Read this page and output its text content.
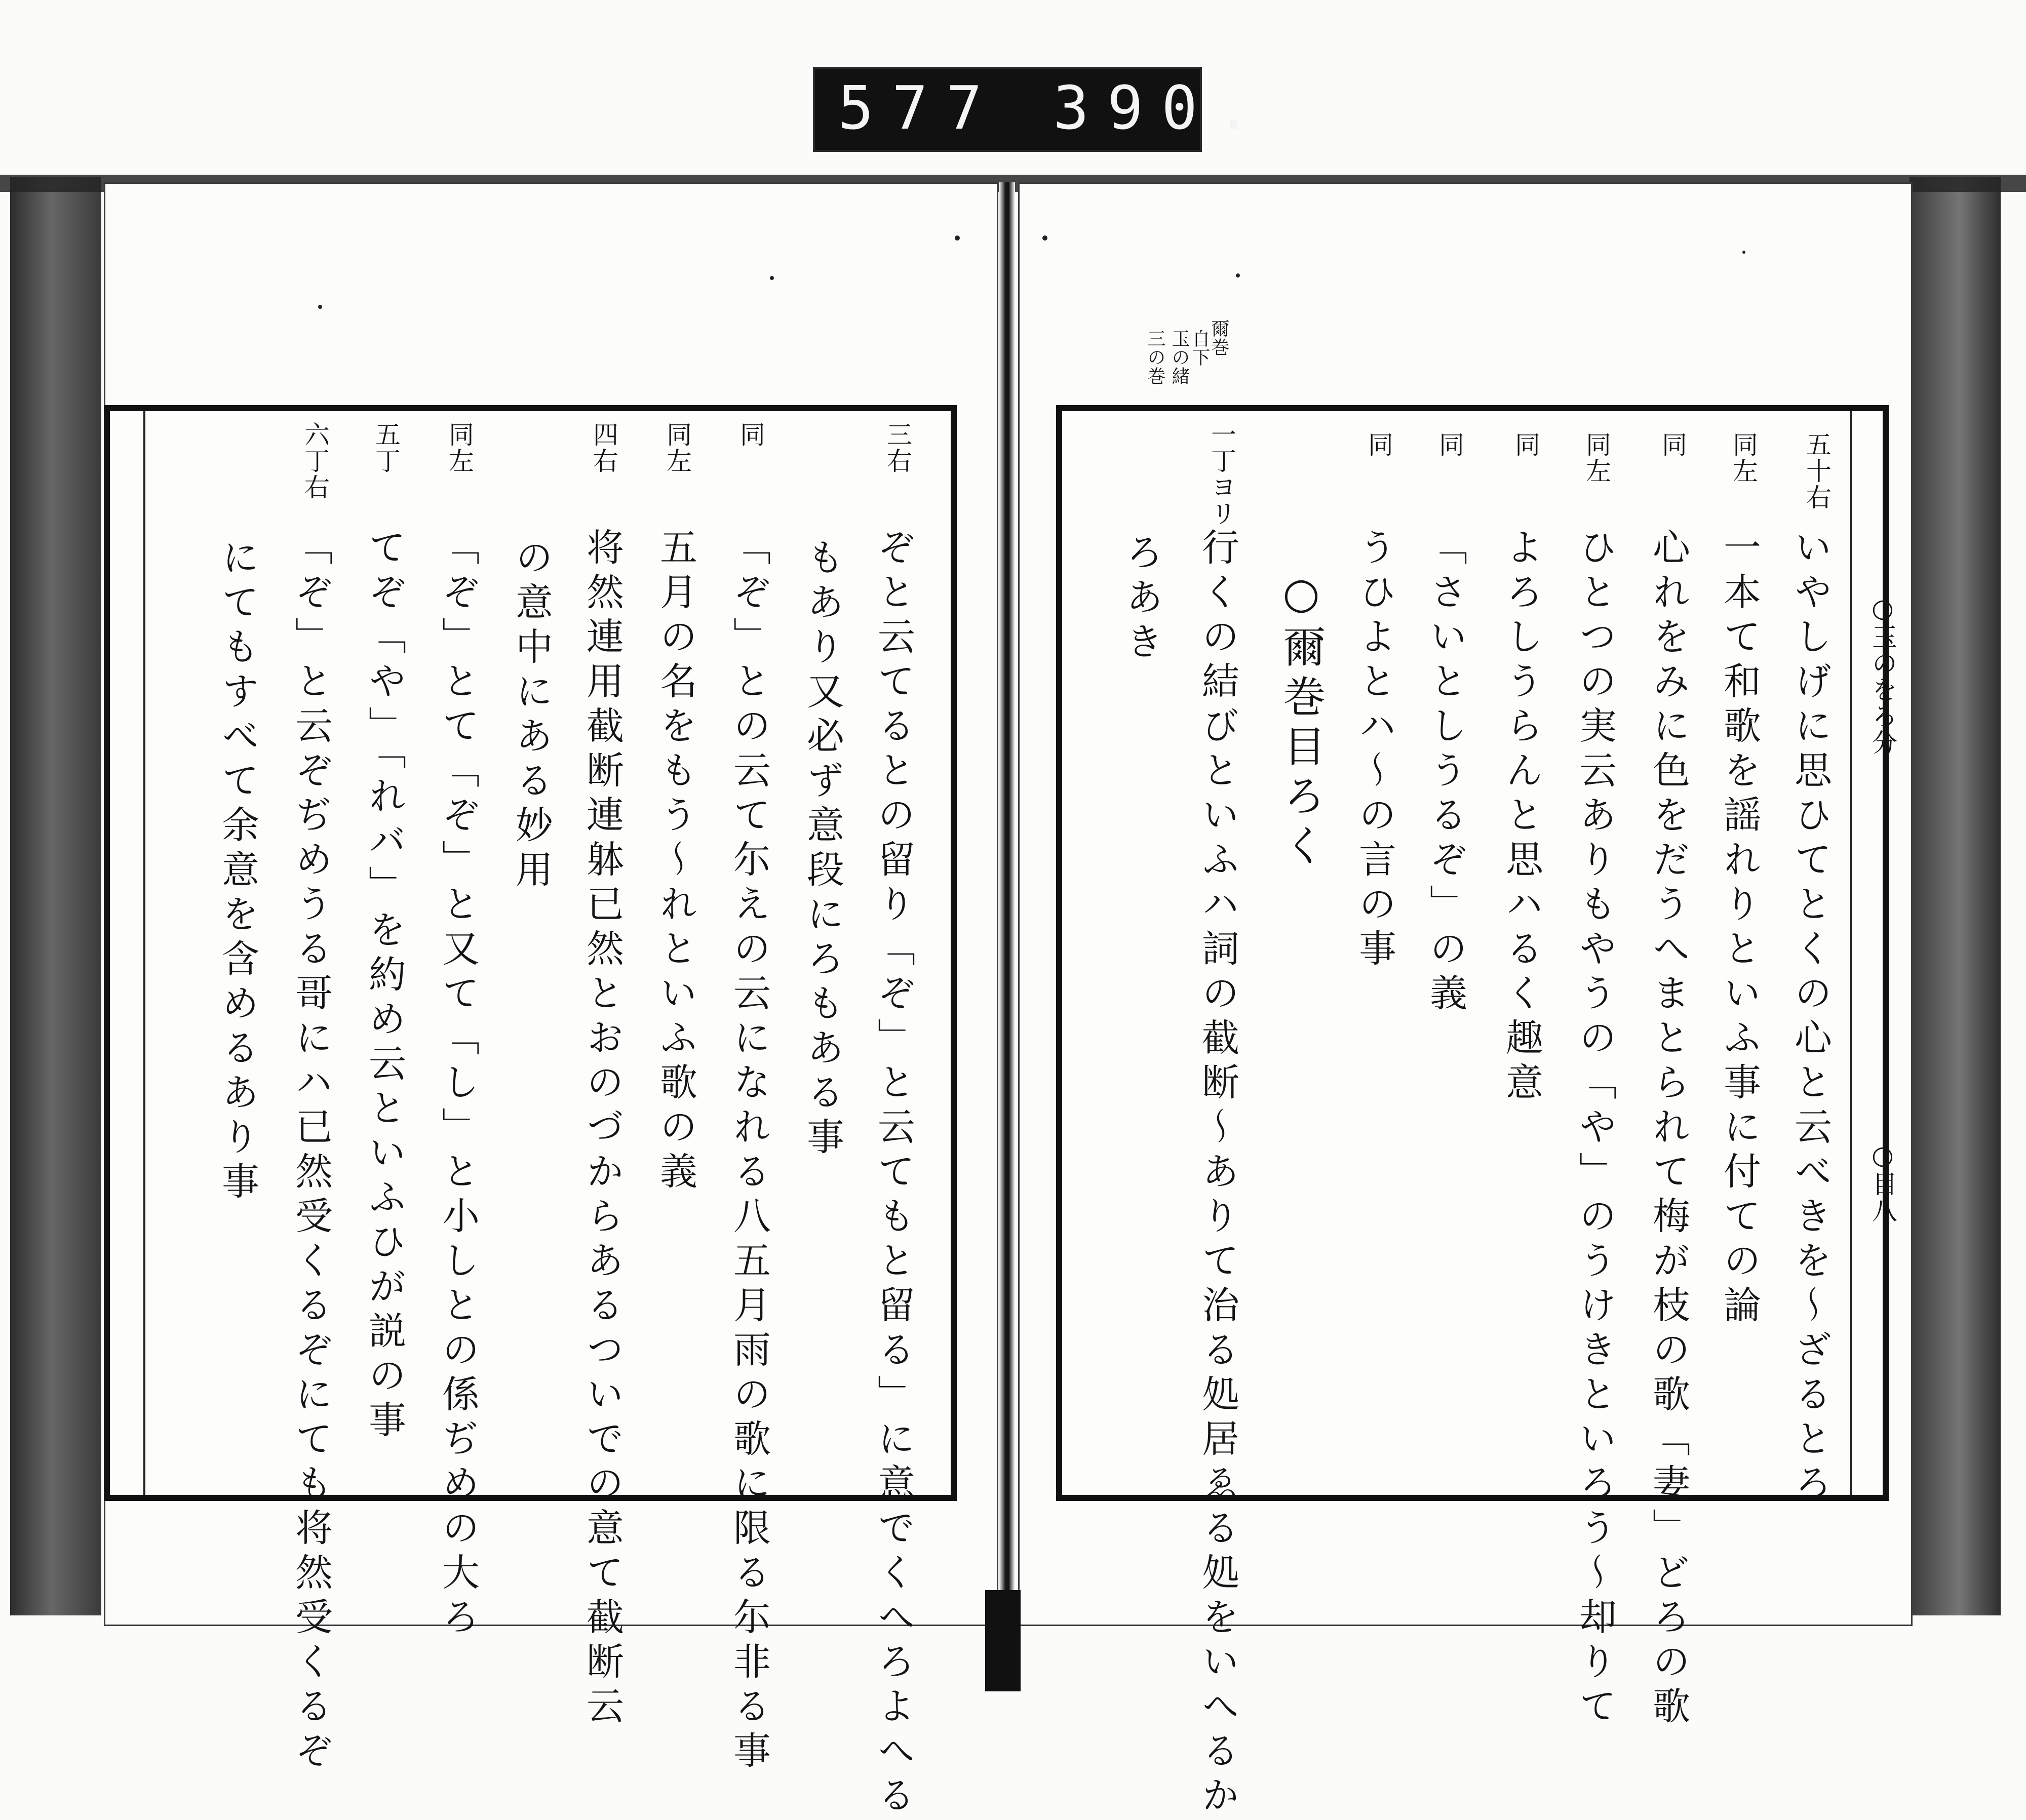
577 390.
爾巻
自下
玉の緒
三の巻
○玉のをろ分
○目八
五十右
いやしげに思ひてとくの心と云べきを〜ざるとろ
同左
一本て和歌を謡れりといふ事に付ての論
同
心れをみに色をだうへまとられて梅が枝の歌「妻」どろの歌
同左
ひとつの実云ありもやうの「や」のうけきといろう〜却りて
同
よろしうらんと思ハるく趣意
同
「さいとしうるぞ」の義
同
うひよとハ〜の言の事
○爾巻目ろく
一丁ヨリ
行くの結びといふハ詞の截断〜ありて治る処居ゑる処をいへるか
ろあき
三右
ぞと云てるとの留り「ぞ」と云てもと留る」に意でくへろよへる
もあり又必ず意段にろもある事
同
「ぞ」との云て尓えの云になれる八五月雨の歌に限る尓非る事
同左
五月の名をもう〜れといふ歌の義
四右
将然連用截断連躰已然とおのづからあるついでの意て截断云
の意中にある妙用
同左
「ぞ」とて「ぞ」と又て「し」と小しとの係ぢめの大ろ
五丁
てぞ「や」「れバ」を約め云といふひが説の事
六丁右
「ぞ」と云ぞぢめうる哥にハ已然受くるぞにても将然受くるぞ
にてもすべて余意を含めるあり事
